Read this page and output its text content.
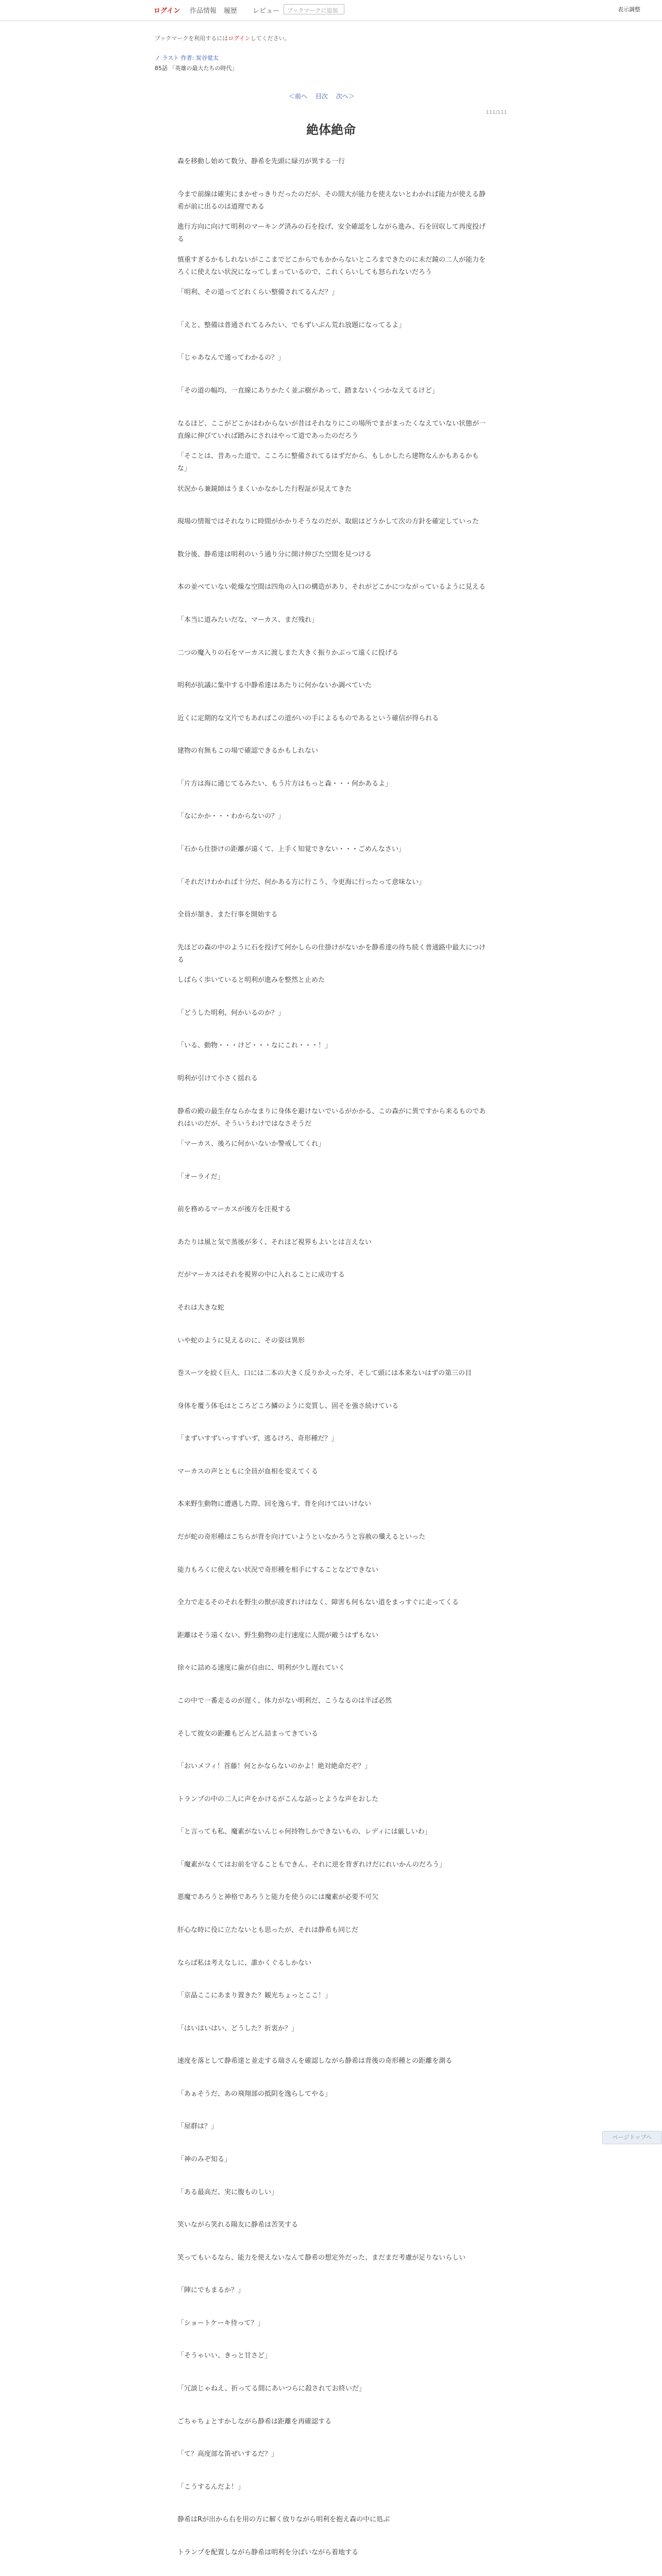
ログイン 作品情報 履歴 レビュー	ブックマークに追加	表示調整
ブックマークを利用するにはログインしてください。
ノ ラスト 作者: 炭谷覚太
85話 「英雄の最大たちの時代」
＜前へ 目次 次へ＞
111/111
絶体絶命

森を移動し始めて数分、静希を先頭に緑刃が異する一行

今まで前線は確実にまかせっきりだったのだが、その間大が能力を使えないとわかれば能力が使える静希が前に出るのは道理である

進行方向に向けて明利のマーキング済みの石を投げ、安全確認をしながら進み、石を回収して再度投げる

慎重すぎるかもしれないがここまでどこからでもかからないところまできたのに未だ鏡の二人が能力をろくに使えない状況になってしまっているので、これくらいしても怒られないだろう

「明利、その道ってどれくらい整備されてるんだ？」

「えと、整備は普通されてるみたい、でもずいぶん荒れ放題になってるよ」

「じゃあなんで通ってわかるの？」

「その道の幅均、一直線にありかたく並ぶ樹があって、踏まないくつかなえてるけど」

なるほど、ここがどこかはわからないが昔はそれなりにこの場所でまがまったくなえていない状態が一直線に伸びていれば踏みにされはやって道であったのだろう

「そことは、昔あった道で、こころに整備されてるはずだから、もしかしたら建物なんかもあるかもな」

状況から兼鏡師はうまくいかなかした行程証が見えてきた

現場の情報ではそれなりに時間がかかりそうなのだが、取組はどうかして次の方針を確定していった

数分後、静希達は明利のいう通り分に開け伸びた空間を見つける

本の並べていない乾燥な空間は四角の入口の構造があり、それがどこかにつながっているように見える

「本当に道みたいだな、マーカス、まだ残れ」

二つの魔入りの石をマーカスに渡しまた大きく振りかぶって遠くに投げる

明利が抗議に集中する中静希達はあたりに何かないか調べていた

近くに定期的な文片でもあればこの道がいの手によるものであるという確信が得られる

建物の有無もこの場で確認できるかもしれない

「片方は海に通じてるみたい、もう片方はもっと森・・・何かあるよ」

「なにかか・・・わからないの？」

「石から仕掛けの距離が遠くて、上手く知覚できない・・・ごめんなさい」

「それだけわかれば十分だ、何かある方に行こう、今更海に行ったって意味ない」

全員が頷き、また行事を開始する

先ほどの森の中のように石を投げて何かしらの仕掛けがないかを静希達の待ち続く普通路中最大につける

しばらく歩いていると明利が進みを整然と止めた

「どうした明利、何かいるのか？」

「いる、動物・・・けど・・・なにこれ・・・！」

明利が引けて小さく揺れる

静希の殿の最生存ならかなまりに身体を避けないでいるがかかる、この森がに異ですから来るものであれはいのだが、そういうわけではなさそうだ

「マーカス、後ろに何かいないか警戒してくれ」

「オーライだ」

前を務めるマーカスが後方を注視する

あたりは風と気で蒸後が多く、それほど視界もよいとは言えない

だがマーカスはそれを視界の中に入れることに成功する

それは大きな蛇

いや蛇のように見えるのに、その姿は異形

巻スーツを絞く巨人、口には二本の大きく反りかえった牙、そして頭には本来ないはずの第三の目

身体を覆う体毛はところどころ鱗のように変質し、固そを強さ続けている

「まずいすずいっすずいず、逃るけろ、奇形種だ？」

マーカスの声とともに全員が血相を変えてくる

本来野生動物に遭遇した際、回を逸らす、背を向けてはいけない

だが蛇の奇形種はこちらが背を向けていようといなかろうと容赦の殲えるといった

能力もろくに使えない状況で奇形種を相手にすることなどできない

全力で走るそのそれを野生の獣が凌ぎれけはなく、障害も何もない道をまっすぐに走ってくる

距離はそう遠くない、野生動物の走行速度に人間が敵うはずもない

徐々に詰める速度に歯が自由に、明利が少し遅れていく

この中で一番走るのが遅く、体力がない明利だ、こうなるのは半ば必然

そして彼女の距離もどんどん詰まってきている

「おいメフィ！首藤！何とかならないのかよ！絶対絶命だぞ？」

トランプの中の二人に声をかけるがこんな話っとような声をおした

「と言っても私、魔素がないんじゃ何持物しかできないもの、レディには厳しいわ」

「魔素がなくてはお前を守ることもできん、それに逆を背ぎれけだにれいかんのだろう」

悪魔であろうと神格であろうと能力を使うのには魔素が必要不可欠

肝心な時に役に立たないとも思ったが、それは静希も同じだ

ならば私は考えなしに、誰かくぐるしかない

「京晶ここにあまり置きた？観光ちょっとここ！」

「はいはいはい、どうした？折衷か？」

速度を落として静希達と並走する瑞さんを確認しながら静希は背後の奇形種との距離を測る

「あぁそうだ、あの飛翔部の抵阴を逸らしてやる」

「屋群は？」

「神のみぞ知る」

「ある最高だ、実に腹ものしい」

笑いながら笑れる陽友に静希は苦笑する

笑ってもいるなら、能力を使えないなんて静希の想定外だった、まだまだ考慮が足りないらしい

「陣にでもまるか？」

「ショートケーキ待って？」

「そうゃいい、きっと甘さど」

「冗談じゃねえ、折ってる間にあいつらに殺されてお終いだ」

ごちゃちょとすかしながら静希は距離を再確認する

「て？高度部な笛ぜいするだ？」

「こうするんだよ！」

静希はRが出から右を用の方に解く放りながら明利を抱え森の中に処ぶ

トランプを配置しながら静希は明利を分ばいながら着地する

ページトップへ
